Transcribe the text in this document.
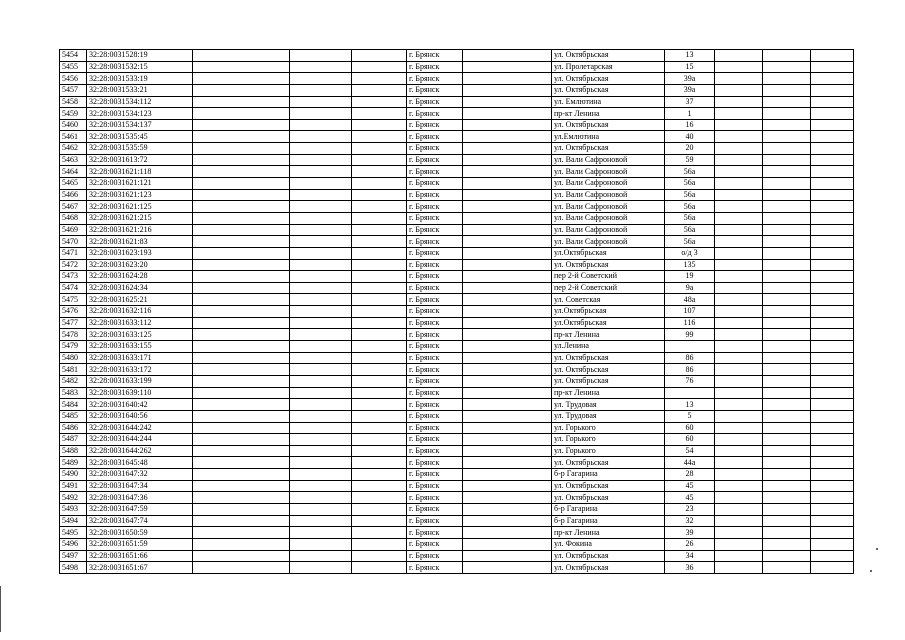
5454	32:28:0031528:19				г. Брянск		ул. Октябрьская	13			
5455	32:28:0031532:15				г. Брянск		ул. Пролетарская	15			
5456	32:28:0031533:19				г. Брянск		ул. Октябрьская	39а			
5457	32:28:0031533:21				г. Брянск		ул. Октябрьская	39а			
5458	32:28:0031534:112				г. Брянск		ул. Емлютина	37			
5459	32:28:0031534:123				г. Брянск		пр-кт Ленина	1			
5460	32:28:0031534:137				г. Брянск		ул. Октябрьская	16			
5461	32:28:0031535:45				г. Брянск		ул.Емлютина	40			
5462	32:28:0031535:59				г. Брянск		ул. Октябрьская	20			
5463	32:28:0031613:72				г. Брянск		ул. Вали Сафроновой	59			
5464	32:28:0031621:118				г. Брянск		ул. Вали Сафроновой	56а			
5465	32:28:0031621:121				г. Брянск		ул. Вали Сафроновой	56а			
5466	32:28:0031621:123				г. Брянск		ул. Вали Сафроновой	56а			
5467	32:28:0031621:125				г. Брянск		ул. Вали Сафроновой	56а			
5468	32:28:0031621:215				г. Брянск		ул. Вали Сафроновой	56а			
5469	32:28:0031621:216				г. Брянск		ул. Вали Сафроновой	56а			
5470	32:28:0031621:83				г. Брянск		ул. Вали Сафроновой	56а			
5471	32:28:0031623:193				г. Брянск		ул.Октябрьская	о/д 3			
5472	32:28:0031623:20				г. Брянск		ул. Октябрьская	135			
5473	32:28:0031624:28				г. Брянск		пер 2-й Советский	19			
5474	32:28:0031624:34				г. Брянск		пер 2-й Советский	9а			
5475	32:28:0031625:21				г. Брянск		ул. Советская	48а			
5476	32:28:0031632:116				г. Брянск		ул.Октябрьская	107			
5477	32:28:0031633:112				г. Брянск		ул.Октябрьская	116			
5478	32:28:0031633:125				г. Брянск		пр-кт Ленина	99			
5479	32:28:0031633:155				г. Брянск		ул.Ленина				
5480	32:28:0031633:171				г. Брянск		ул. Октябрьская	86			
5481	32:28:0031633:172				г. Брянск		ул. Октябрьская	86			
5482	32:28:0031633:199				г. Брянск		ул. Октябрьская	76			
5483	32:28:0031639:110				г. Брянск		пр-кт Ленина				
5484	32:28:0031640:42				г. Брянск		ул. Трудовая	13			
5485	32:28:0031640:56				г. Брянск		ул. Трудовая	5			
5486	32:28:0031644:242				г. Брянск		ул. Горького	60			
5487	32:28:0031644:244				г. Брянск		ул. Горького	60			
5488	32:28:0031644:262				г. Брянск		ул. Горького	54			
5489	32:28:0031645:48				г. Брянск		ул. Октябрьская	44а			
5490	32:28:0031647:32				г. Брянск		б-р Гагарина	28			
5491	32:28:0031647:34				г. Брянск		ул. Октябрьская	45			
5492	32:28:0031647:36				г. Брянск		ул. Октябрьская	45			
5493	32:28:0031647:59				г. Брянск		б-р Гагарина	23			
5494	32:28:0031647:74				г. Брянск		б-р Гагарина	32			
5495	32:28:0031650:59				г. Брянск		пр-кт Ленина	39			
5496	32:28:0031651:59				г. Брянск		ул. Фокина	26			
5497	32:28:0031651:66				г. Брянск		ул. Октябрьская	34			
5498	32:28:0031651:67				г. Брянск		ул. Октябрьская	36			
